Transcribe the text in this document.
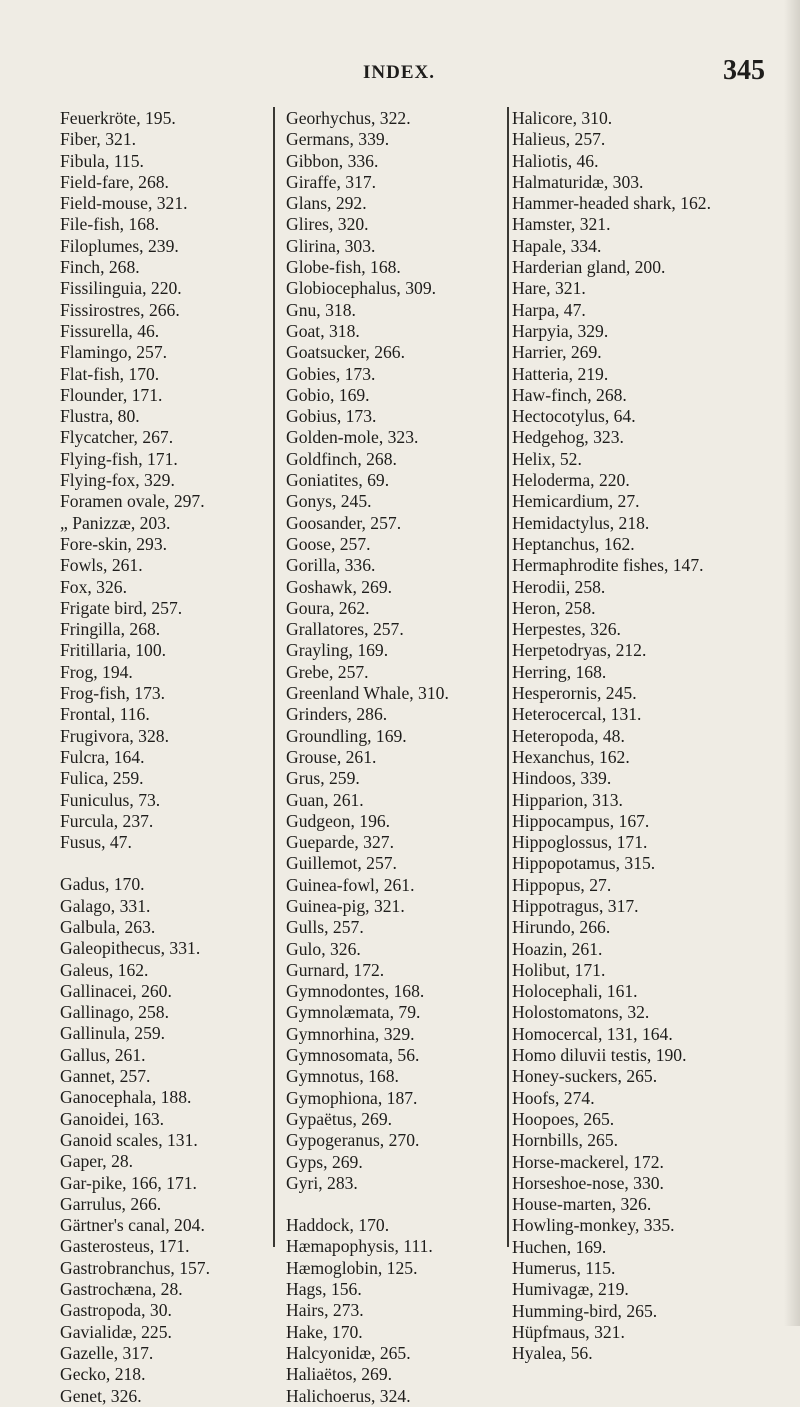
INDEX.	345
Feuerkröte, 195.
Fiber, 321.
Fibula, 115.
Field-fare, 268.
Field-mouse, 321.
File-fish, 168.
Filoplumes, 239.
Finch, 268.
Fissilinguia, 220.
Fissirostres, 266.
Fissurella, 46.
Flamingo, 257.
Flat-fish, 170.
Flounder, 171.
Flustra, 80.
Flycatcher, 267.
Flying-fish, 171.
Flying-fox, 329.
Foramen ovale, 297.
„ Panizzæ, 203.
Fore-skin, 293.
Fowls, 261.
Fox, 326.
Frigate bird, 257.
Fringilla, 268.
Fritillaria, 100.
Frog, 194.
Frog-fish, 173.
Frontal, 116.
Frugivora, 328.
Fulcra, 164.
Fulica, 259.
Funiculus, 73.
Furcula, 237.
Fusus, 47.
Gadus, 170.
Galago, 331.
Galbula, 263.
Galeopithecus, 331.
Galeus, 162.
Gallinacei, 260.
Gallinago, 258.
Gallinula, 259.
Gallus, 261.
Gannet, 257.
Ganocephala, 188.
Ganoidei, 163.
Ganoid scales, 131.
Gaper, 28.
Gar-pike, 166, 171.
Garrulus, 266.
Gärtner's canal, 204.
Gasterosteus, 171.
Gastrobranchus, 157.
Gastrochæna, 28.
Gastropoda, 30.
Gavialidæ, 225.
Gazelle, 317.
Gecko, 218.
Genet, 326.
Georhychus, 322.
Germans, 339.
Gibbon, 336.
Giraffe, 317.
Glans, 292.
Glires, 320.
Glirina, 303.
Globe-fish, 168.
Globiocephalus, 309.
Gnu, 318.
Goat, 318.
Goatsucker, 266.
Gobies, 173.
Gobio, 169.
Gobius, 173.
Golden-mole, 323.
Goldfinch, 268.
Goniatites, 69.
Gonys, 245.
Goosander, 257.
Goose, 257.
Gorilla, 336.
Goshawk, 269.
Goura, 262.
Grallatores, 257.
Grayling, 169.
Grebe, 257.
Greenland Whale, 310.
Grinders, 286.
Groundling, 169.
Grouse, 261.
Grus, 259.
Guan, 261.
Gudgeon, 196.
Gueparde, 327.
Guillemot, 257.
Guinea-fowl, 261.
Guinea-pig, 321.
Gulls, 257.
Gulo, 326.
Gurnard, 172.
Gymnodontes, 168.
Gymnolæmata, 79.
Gymnorhina, 329.
Gymnosomata, 56.
Gymnotus, 168.
Gymophiona, 187.
Gypaëtus, 269.
Gypogeranus, 270.
Gyps, 269.
Gyri, 283.
Haddock, 170.
Hæmapophysis, 111.
Hæmoglobin, 125.
Hags, 156.
Hairs, 273.
Hake, 170.
Halcyonidæ, 265.
Haliaëtos, 269.
Halichoerus, 324.
Halicore, 310.
Halieus, 257.
Haliotis, 46.
Halmaturidæ, 303.
Hammer-headed shark, 162.
Hamster, 321.
Hapale, 334.
Harderian gland, 200.
Hare, 321.
Harpa, 47.
Harpyia, 329.
Harrier, 269.
Hatteria, 219.
Haw-finch, 268.
Hectocotylus, 64.
Hedgehog, 323.
Helix, 52.
Heloderma, 220.
Hemicardium, 27.
Hemidactylus, 218.
Heptanchus, 162.
Hermaphrodite fishes, 147.
Herodii, 258.
Heron, 258.
Herpestes, 326.
Herpetodryas, 212.
Herring, 168.
Hesperornis, 245.
Heterocercal, 131.
Heteropoda, 48.
Hexanchus, 162.
Hindoos, 339.
Hipparion, 313.
Hippocampus, 167.
Hippoglossus, 171.
Hippopotamus, 315.
Hippopus, 27.
Hippotragus, 317.
Hirundo, 266.
Hoazin, 261.
Holibut, 171.
Holocephali, 161.
Holostomatons, 32.
Homocercal, 131, 164.
Homo diluvii testis, 190.
Honey-suckers, 265.
Hoofs, 274.
Hoopoes, 265.
Hornbills, 265.
Horse-mackerel, 172.
Horseshoe-nose, 330.
House-marten, 326.
Howling-monkey, 335.
Huchen, 169.
Humerus, 115.
Humivagæ, 219.
Humming-bird, 265.
Hüpfmaus, 321.
Hyalea, 56.
